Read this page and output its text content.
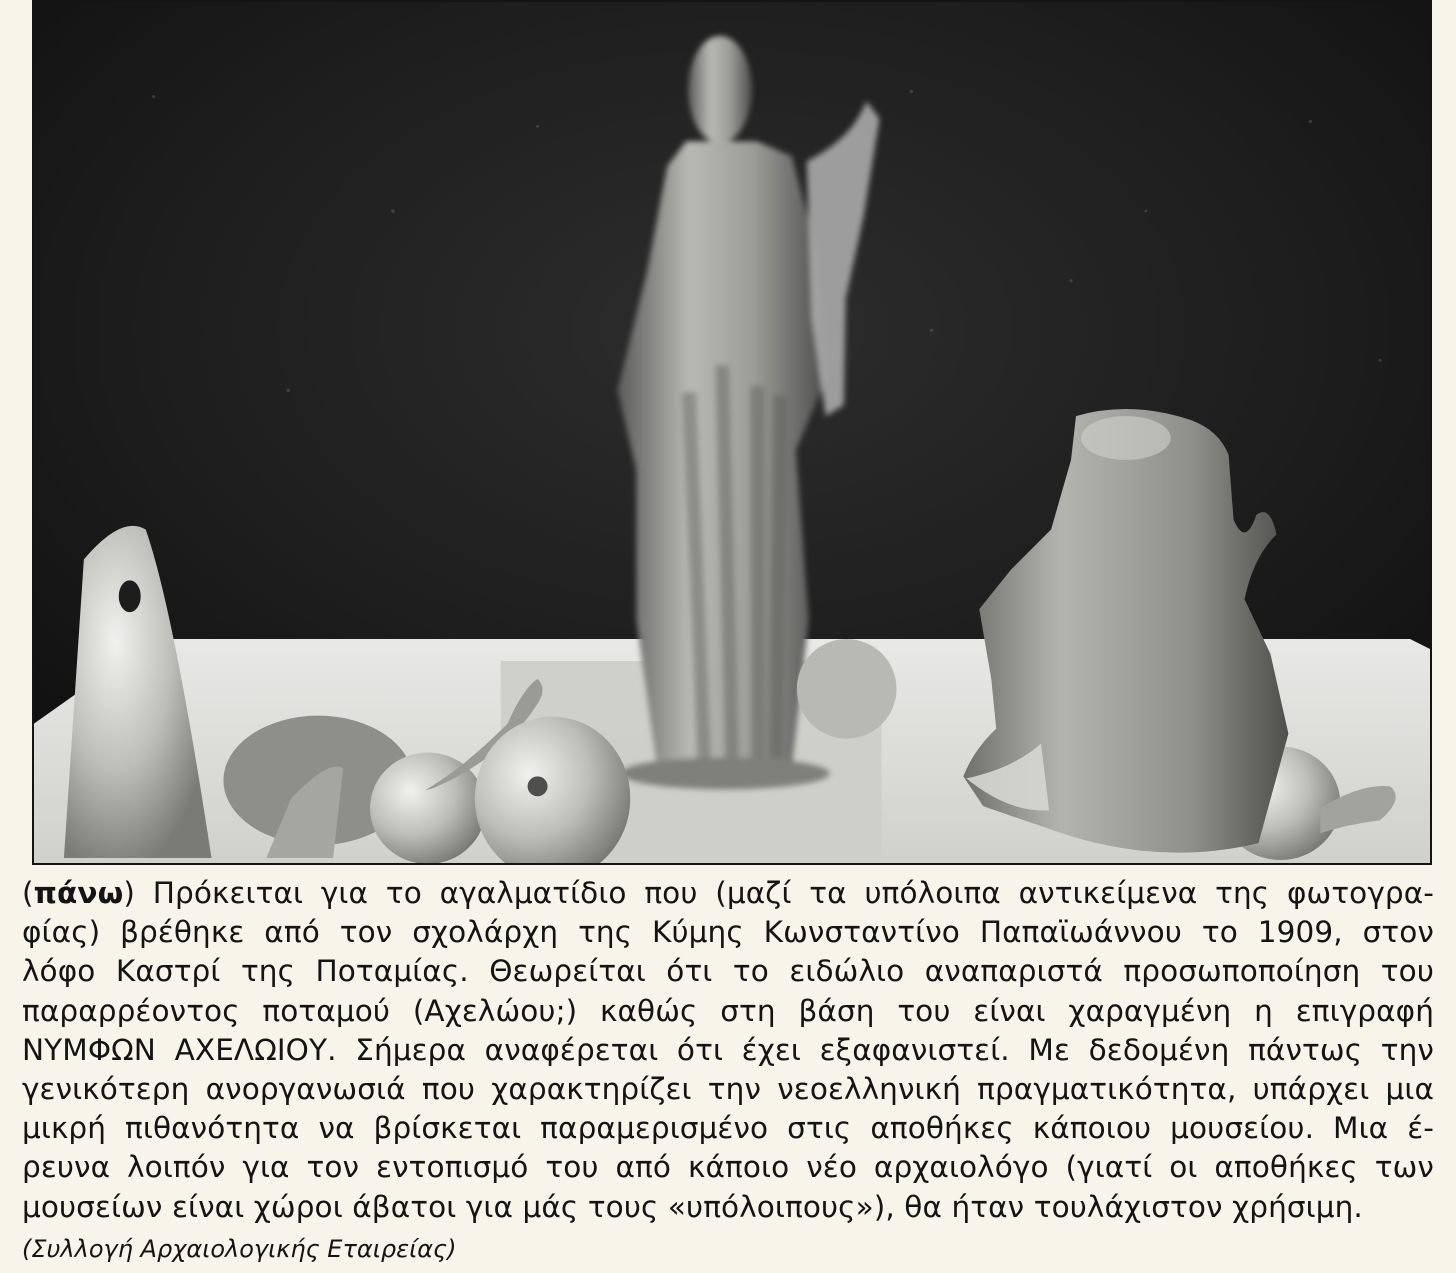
(πάνω) Πρόκειται για το αγαλματίδιο που (μαζί τα υπόλοιπα αντικείμενα της φωτογρα-
φίας) βρέθηκε από τον σχολάρχη της Κύμης Κωνσταντίνο Παπαϊωάννου το 1909, στον
λόφο Καστρί της Ποταμίας. Θεωρείται ότι το ειδώλιο αναπαριστά προσωποποίηση του
παραρρέοντος ποταμού (Αχελώου;) καθώς στη βάση του είναι χαραγμένη η επιγραφή
ΝΥΜΦΩΝ ΑΧΕΛΩΙΟΥ. Σήμερα αναφέρεται ότι έχει εξαφανιστεί. Με δεδομένη πάντως την
γενικότερη ανοργανωσιά που χαρακτηρίζει την νεοελληνική πραγματικότητα, υπάρχει μια
μικρή πιθανότητα να βρίσκεται παραμερισμένο στις αποθήκες κάποιου μουσείου. Μια έ-
ρευνα λοιπόν για τον εντοπισμό του από κάποιο νέο αρχαιολόγο (γιατί οι αποθήκες των
μουσείων είναι χώροι άβατοι για μάς τους «υπόλοιπους»), θα ήταν τουλάχιστον χρήσιμη.
(Συλλογή Αρχαιολογικής Εταιρείας)
